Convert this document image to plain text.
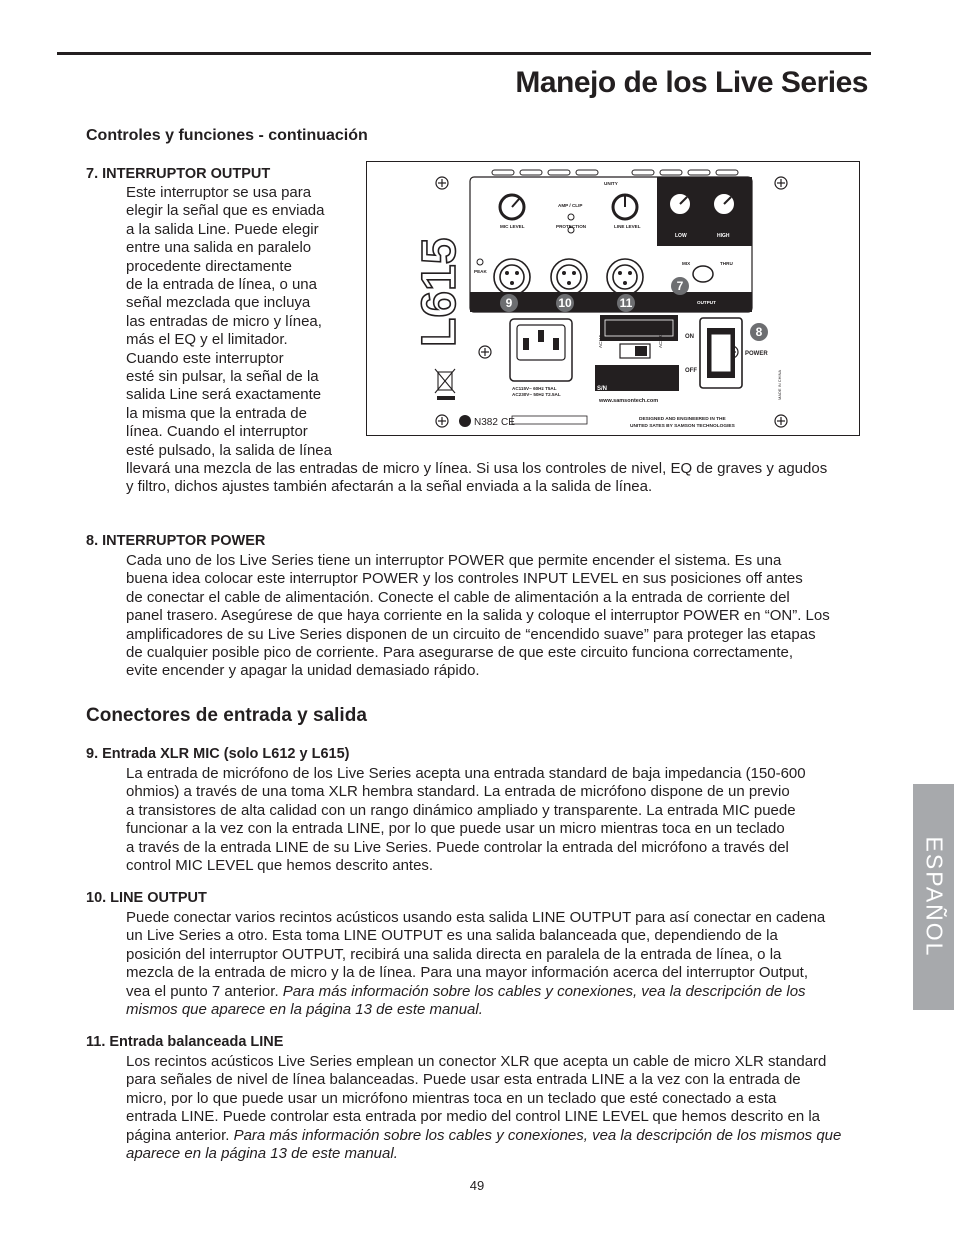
Manejo de los Live Series
Controles y funciones - continuación
7. INTERRUPTOR OUTPUT
Este interruptor se usa para
elegir la señal que es enviada
a la salida Line. Puede elegir
entre una salida en paralelo
procedente directamente
de la entrada de línea, o una
señal mezclada que incluya
las entradas de micro y línea,
más el EQ y el limitador.
Cuando este interruptor
esté sin pulsar, la señal de la
salida Line será exactamente
la misma que la entrada de
línea. Cuando el interruptor
esté pulsado, la salida de línea
llevará una mezcla de las entradas de micro y línea. Si usa los controles de nivel, EQ de graves y agudos
y filtro, dichos ajustes también afectarán a la señal enviada a la salida de línea.
L615
UNITY
AMP / CLIP
MIC LEVEL	PROTECTION	LINE LEVEL
PEAK
MIX	THRU
OUTPUT
ON
OFF
POWER
S/N
www.samsontech.com
DESIGNED AND ENGINEERED IN THE
UNITED SATES BY SAMSON TECHNOLOGIES
AC115V~ 60Hz T5AL
AC230V~ 50Hz T2.5AL
LOW	HIGH
AC115	AC230
MADE IN CHINA
N382 CE
9	10	11
7
8
8. INTERRUPTOR POWER
Cada uno de los Live Series tiene un interruptor POWER que permite encender el sistema. Es una
buena idea colocar este interruptor POWER y los controles INPUT LEVEL en sus posiciones off antes
de conectar el cable de alimentación. Conecte el cable de alimentación a la entrada de corriente del
panel trasero. Asegúrese de que haya corriente en la salida y coloque el interruptor POWER en “ON”. Los
amplificadores de su Live Series disponen de un circuito de “encendido suave” para proteger las etapas
de cualquier posible pico de corriente. Para asegurarse de que este circuito funciona correctamente,
evite encender y apagar la unidad demasiado rápido.
Conectores de entrada y salida
9. Entrada XLR MIC (solo L612 y L615)
La entrada de micrófono de los Live Series acepta una entrada standard de baja impedancia (150-600
ohmios) a través de una toma XLR hembra standard. La entrada de micrófono dispone de un previo
a transistores de alta calidad con un rango dinámico ampliado y transparente. La entrada MIC puede
funcionar a la vez con la entrada LINE, por lo que puede usar un micro mientras toca en un teclado
a través de la entrada LINE de su Live Series. Puede controlar la entrada del micrófono a través del
control MIC LEVEL que hemos descrito antes.
10. LINE OUTPUT
Puede conectar varios recintos acústicos usando esta salida LINE OUTPUT para así conectar en cadena
un Live Series a otro. Esta toma LINE OUTPUT es una salida balanceada que, dependiendo de la
posición del interruptor OUTPUT, recibirá una salida directa en paralela de la entrada de línea, o la
mezcla de la entrada de micro y la de línea. Para una mayor información acerca del interruptor Output,
vea el punto 7 anterior. Para más información sobre los cables y conexiones, vea la descripción de los
mismos que aparece en la página 13 de este manual.
11. Entrada balanceada LINE
Los recintos acústicos Live Series emplean un conector XLR que acepta un cable de micro XLR standard
para señales de nivel de línea balanceadas. Puede usar esta entrada LINE a la vez con la entrada de
micro, por lo que puede usar un micrófono mientras toca en un teclado que esté conectado a esta
entrada LINE. Puede controlar esta entrada por medio del control LINE LEVEL que hemos descrito en la
página anterior. Para más información sobre los cables y conexiones, vea la descripción de los mismos que
aparece en la página 13 de este manual.
ESPAÑOL
49
